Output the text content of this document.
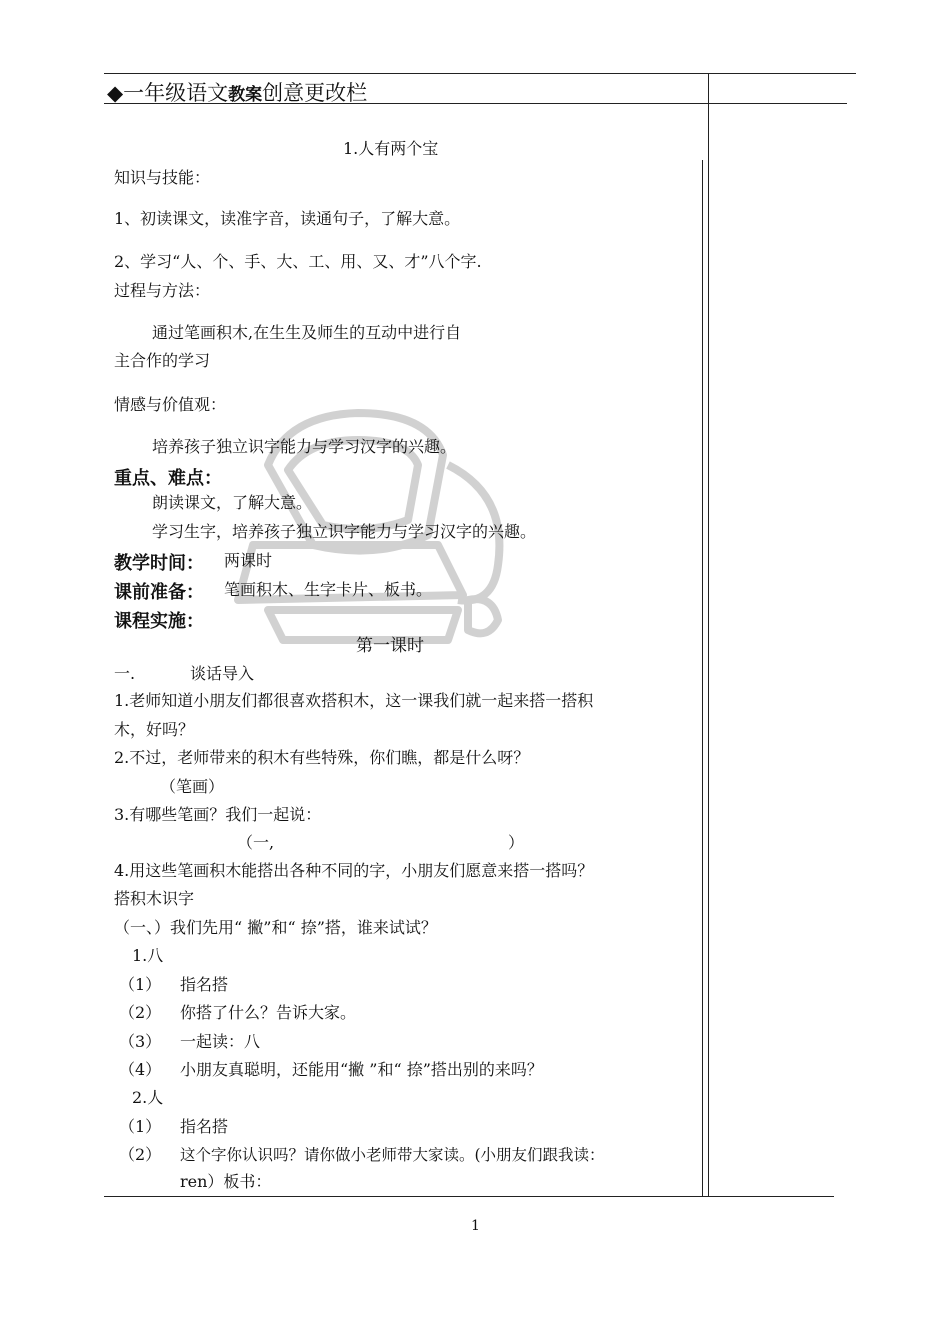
◆一年级语文教案创意更改栏
1.人有两个宝
知识与技能：
1、初读课文，读准字音，读通句子，了解大意。
2、学习“人、个、手、大、工、用、又、才”八个字.
过程与方法：
通过笔画积木,在生生及师生的互动中进行自
主合作的学习
情感与价值观：
培养孩子独立识字能力与学习汉字的兴趣。
重点、难点：
朗读课文，了解大意。
学习生字，培养孩子独立识字能力与学习汉字的兴趣。
教学时间： 两课时
课前准备： 笔画积木、生字卡片、板书。
课程实施：
第一课时
一.	谈话导入
1.老师知道小朋友们都很喜欢搭积木，这一课我们就一起来搭一搭积
木，好吗？
2.不过，老师带来的积木有些特殊，你们瞧，都是什么呀？
（笔画）
3.有哪些笔画？我们一起说：
（一,	）
4.用这些笔画积木能搭出各种不同的字，小朋友们愿意来搭一搭吗？
搭积木识字
（一、）我们先用“ 撇”和“ 捺”搭，谁来试试？
1.八
（1） 指名搭
（2） 你搭了什么？告诉大家。
（3） 一起读：八
（4） 小朋友真聪明，还能用“撇 ”和“ 捺”搭出别的来吗？
2.人
（1） 指名搭
（2） 这个字你认识吗？请你做小老师带大家读。(小朋友们跟我读：
ren）板书：
1
